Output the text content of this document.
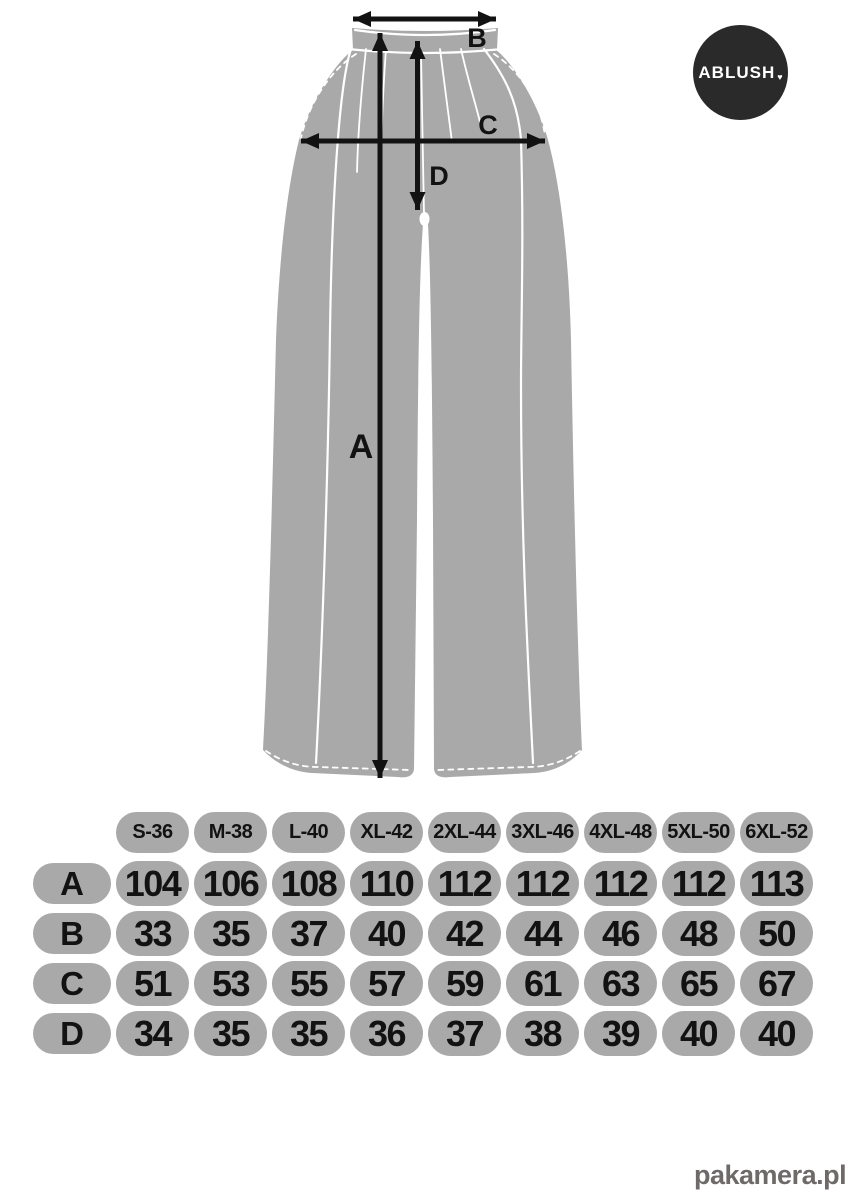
A
B
C
D
ABLUSH ♥
S-36	M-38	L-40	XL-42	2XL-44 3XL-46 4XL-48 5XL-50 6XL-52
A	104 106 108 110 112 112 112 112 113
B	33	35	37	40	42	44	46	48	50
C	51	53	55	57	59	61	63	65	67
D	34	35	35	36	37	38	39	40	40
pakamera.pl
